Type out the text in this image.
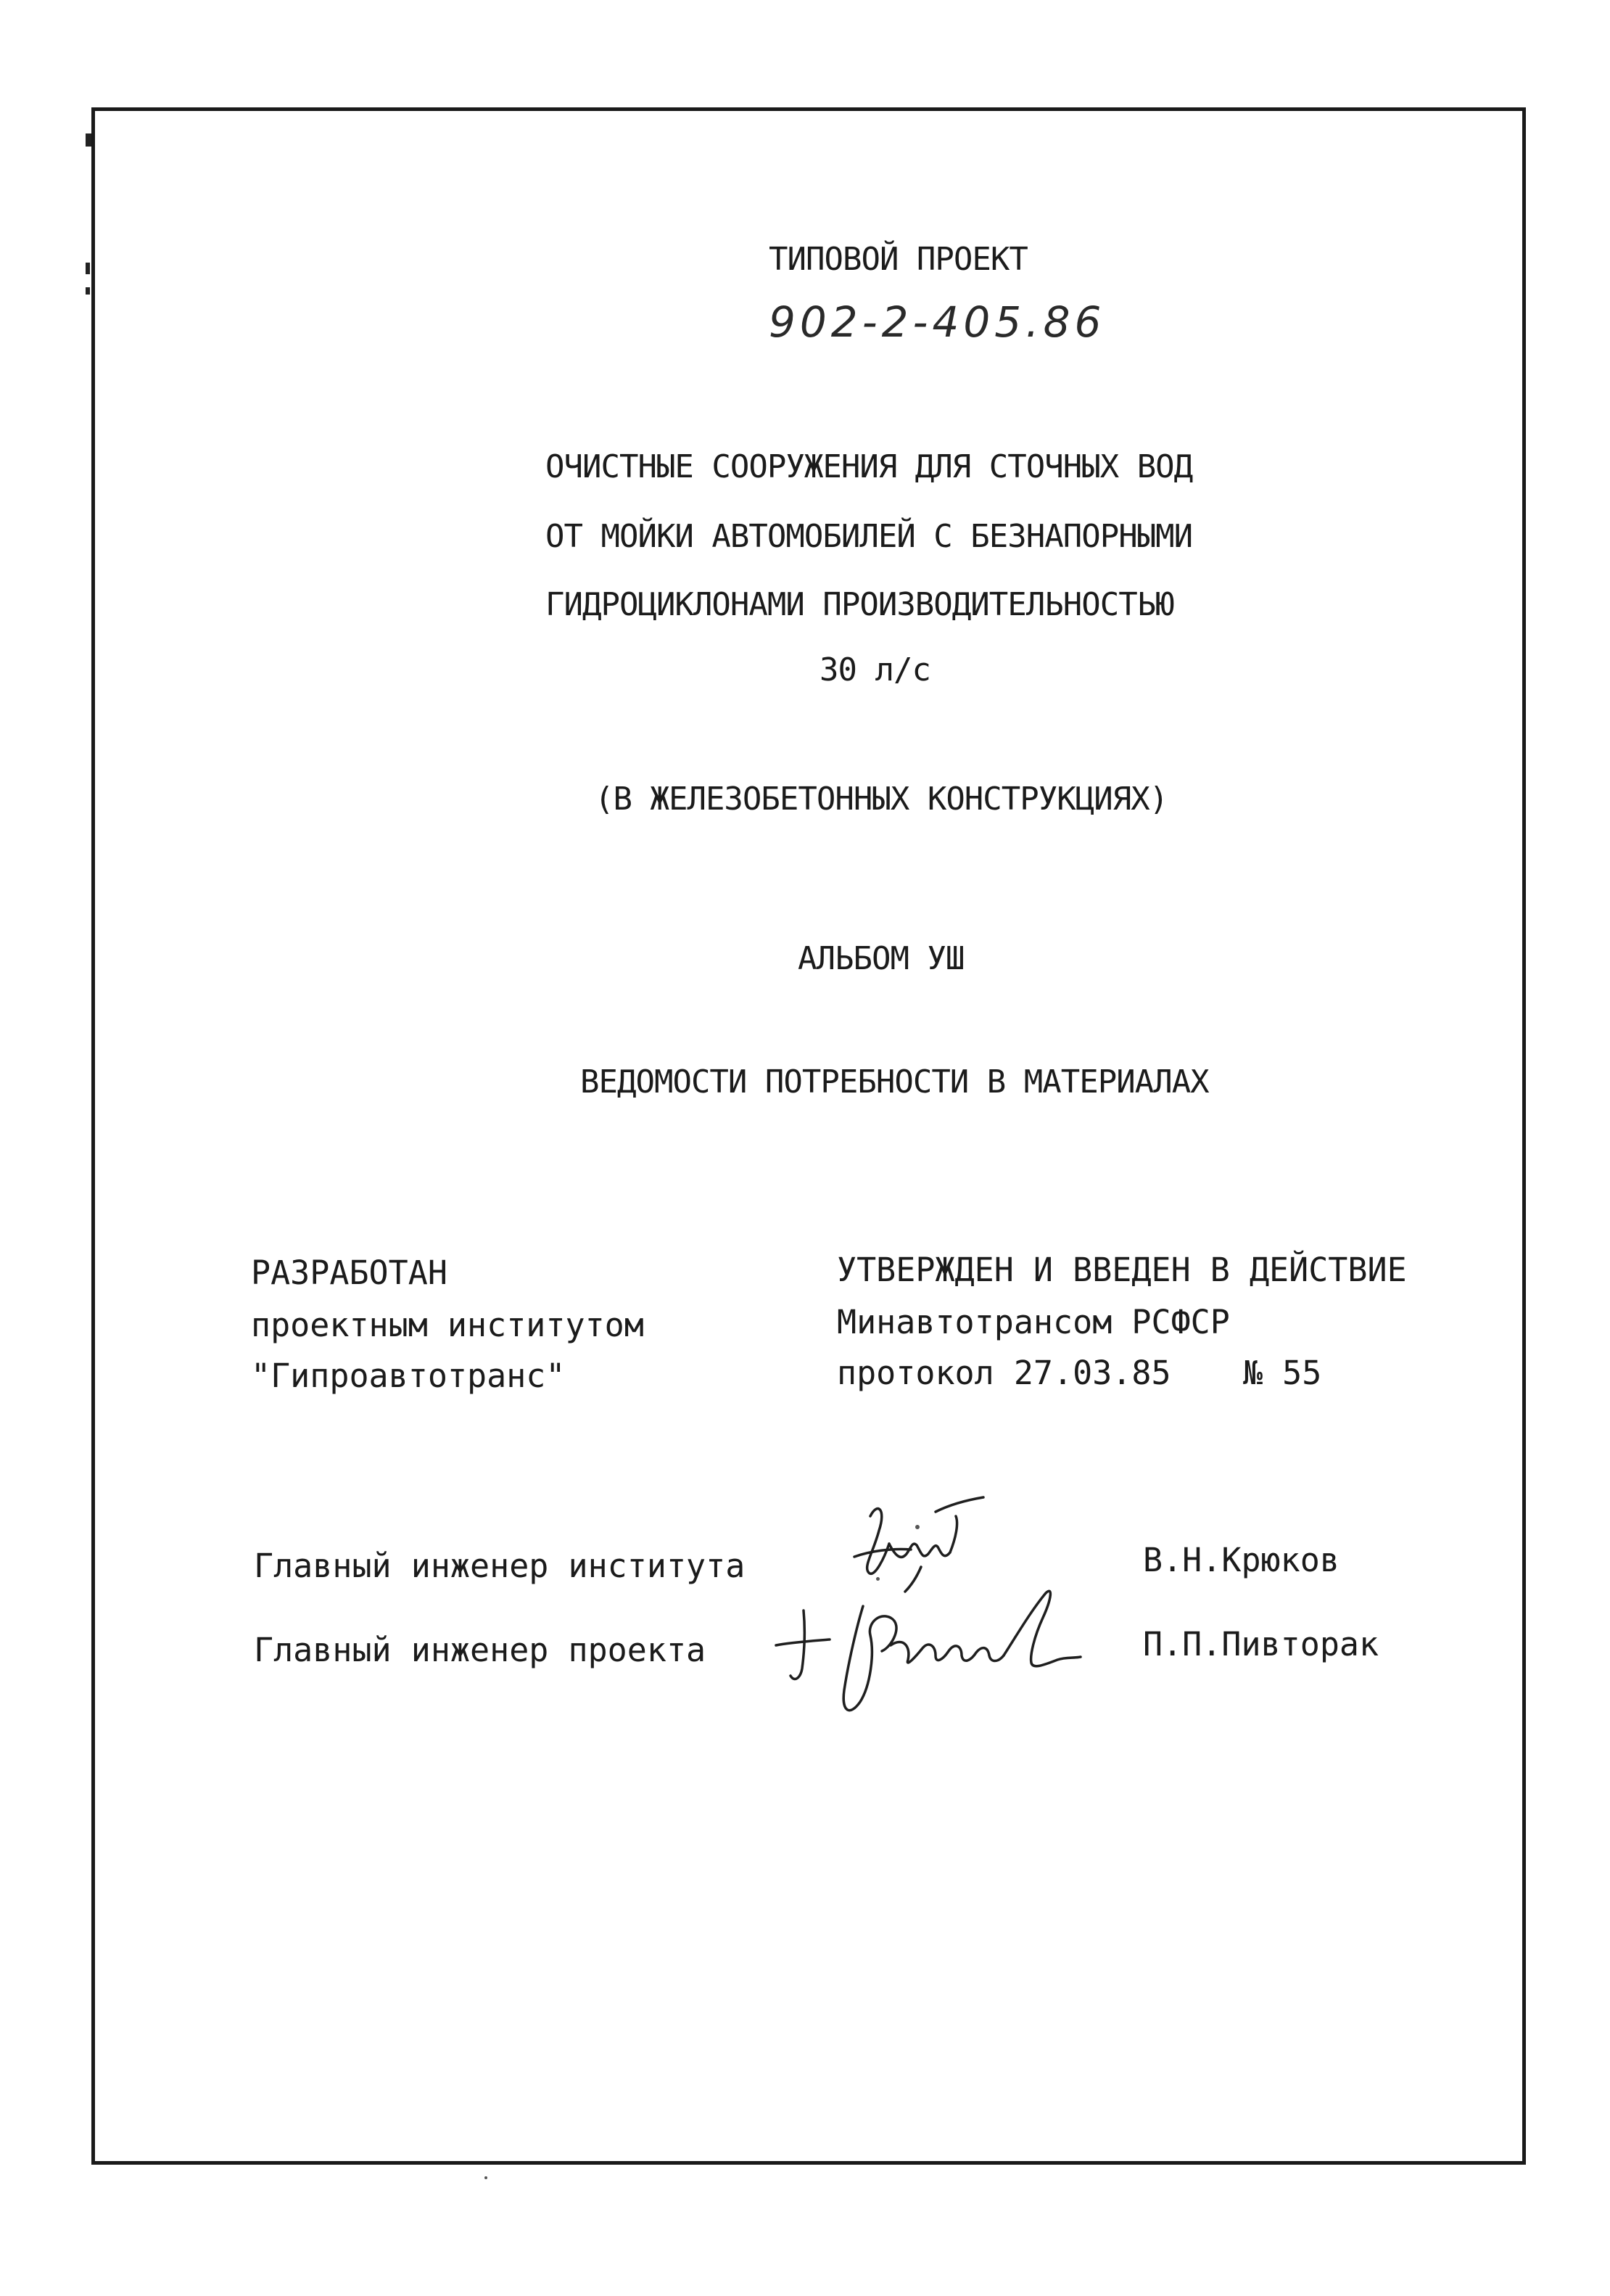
ТИПОВОЙ ПРОЕКТ
902-2-405.86
ОЧИСТНЫЕ СООРУЖЕНИЯ ДЛЯ СТОЧНЫХ ВОД
ОТ МОЙКИ АВТОМОБИЛЕЙ С БЕЗНАПОРНЫМИ
ГИДРОЦИКЛОНАМИ ПРОИЗВОДИТЕЛЬНОСТЬЮ
30 л/с
(В ЖЕЛЕЗОБЕТОННЫХ КОНСТРУКЦИЯХ)
АЛЬБОМ УШ
ВЕДОМОСТИ ПОТРЕБНОСТИ В МАТЕРИАЛАХ
РАЗРАБОТАН
проектным институтом
"Гипроавтотранс"
УТВЕРЖДЕН И ВВЕДЕН В ДЕЙСТВИЕ
Минавтотрансом РСФСР
протокол 27.03.85 № 55
Главный инженер института	В.Н.Крюков
Главный инженер проекта	П.П.Пивторак
